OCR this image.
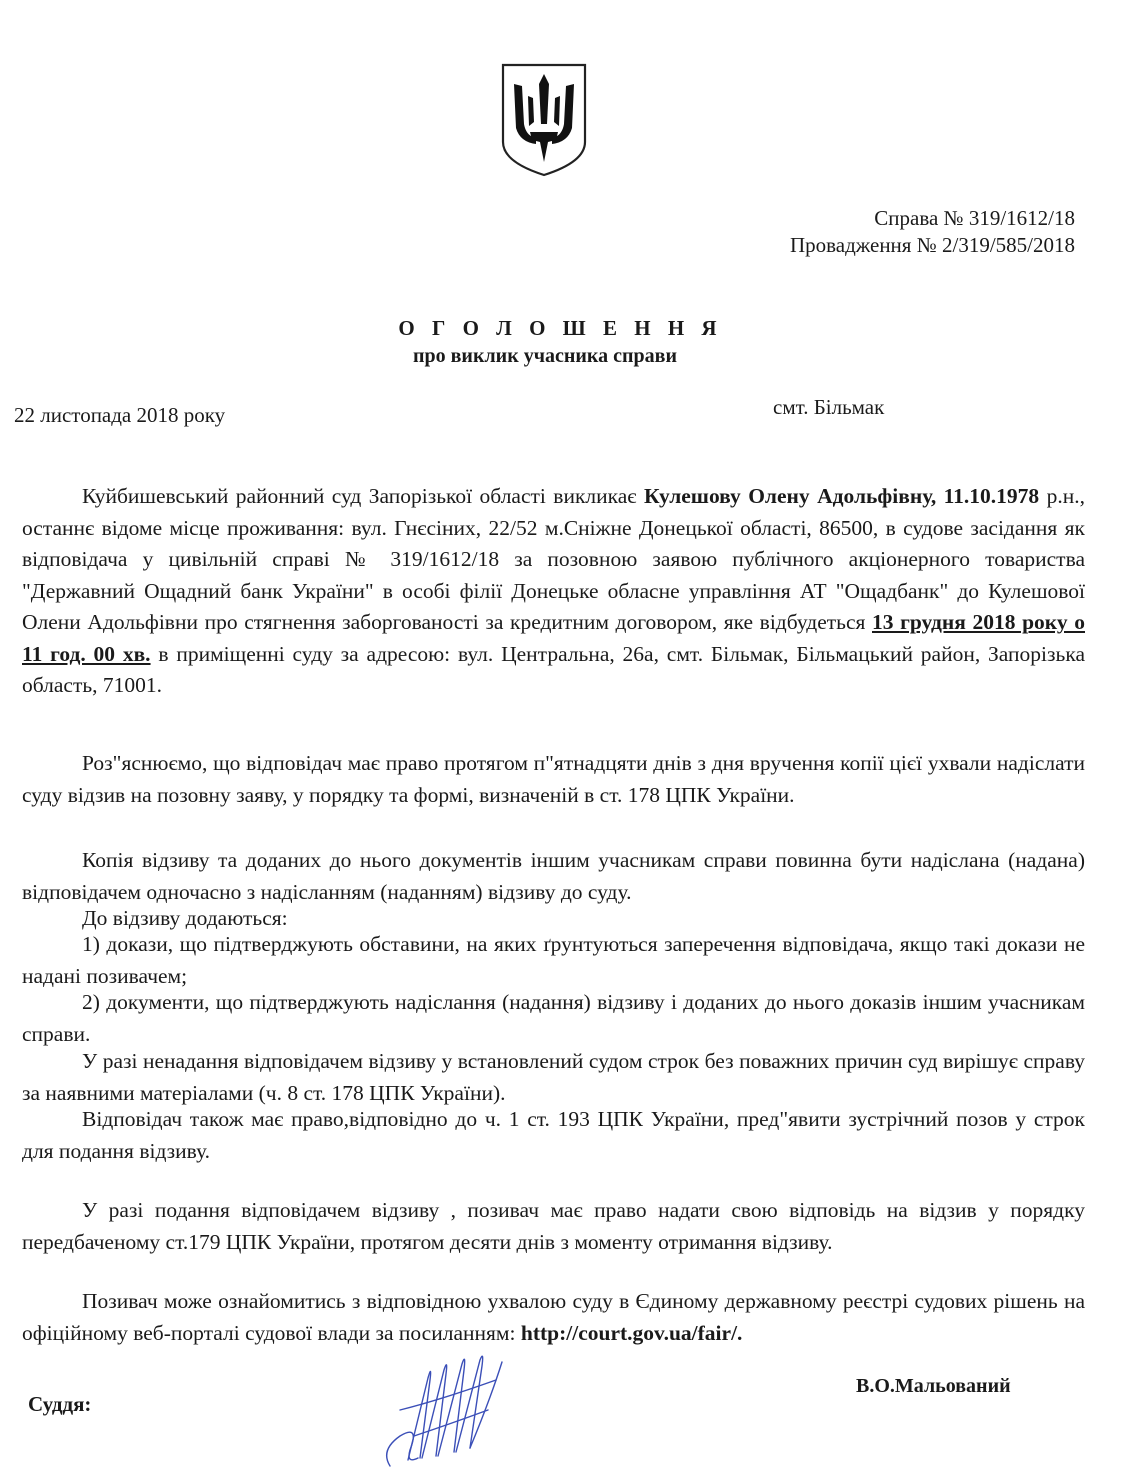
Справа № 319/1612/18
Провадження № 2/319/585/2018
О Г О Л О Ш Е Н Н Я
про виклик учасника справи
22 листопада 2018 року	смт. Більмак

Куйбишевський районний суд Запорізької області викликає Кулешову Олену Адольфівну, 11.10.1978 р.н., останнє відоме місце проживання: вул. Гнєсіних, 22/52 м.Сніжне Донецької області, 86500, в судове засідання як відповідача у цивільній справі № 319/1612/18 за позовною заявою публічного акціонерного товариства "Державний Ощадний банк України" в особі філії Донецьке обласне управління АТ "Ощадбанк" до Кулешової Олени Адольфівни про стягнення заборгованості за кредитним договором, яке відбудеться 13 грудня 2018 року о 11 год. 00 хв. в приміщенні суду за адресою: вул. Центральна, 26а, смт. Більмак, Більмацький район, Запорізька область, 71001.

Роз"яснюємо, що відповідач має право протягом п"ятнадцяти днів з дня вручення копії цієї ухвали надіслати суду відзив на позовну заяву, у порядку та формі, визначеній в ст. 178 ЦПК України.

Копія відзиву та доданих до нього документів іншим учасникам справи повинна бути надіслана (надана) відповідачем одночасно з надісланням (наданням) відзиву до суду.

До відзиву додаються:

1) докази, що підтверджують обставини, на яких ґрунтуються заперечення відповідача, якщо такі докази не надані позивачем;

2) документи, що підтверджують надіслання (надання) відзиву і доданих до нього доказів іншим учасникам справи.

У разі ненадання відповідачем відзиву у встановлений судом строк без поважних причин суд вирішує справу за наявними матеріалами (ч. 8 ст. 178 ЦПК України).

Відповідач також має право,відповідно до ч. 1 ст. 193 ЦПК України, пред"явити зустрічний позов у строк для подання відзиву.

У разі подання відповідачем відзиву , позивач має право надати свою відповідь на відзив у порядку передбаченому ст.179 ЦПК України, протягом десяти днів з моменту отримання відзиву.

Позивач може ознайомитись з відповідною ухвалою суду в Єдиному державному реєстрі судових рішень на офіційному веб-порталі судової влади за посиланням: http://court.gov.ua/fair/.

Суддя:
В.О.Мальований
